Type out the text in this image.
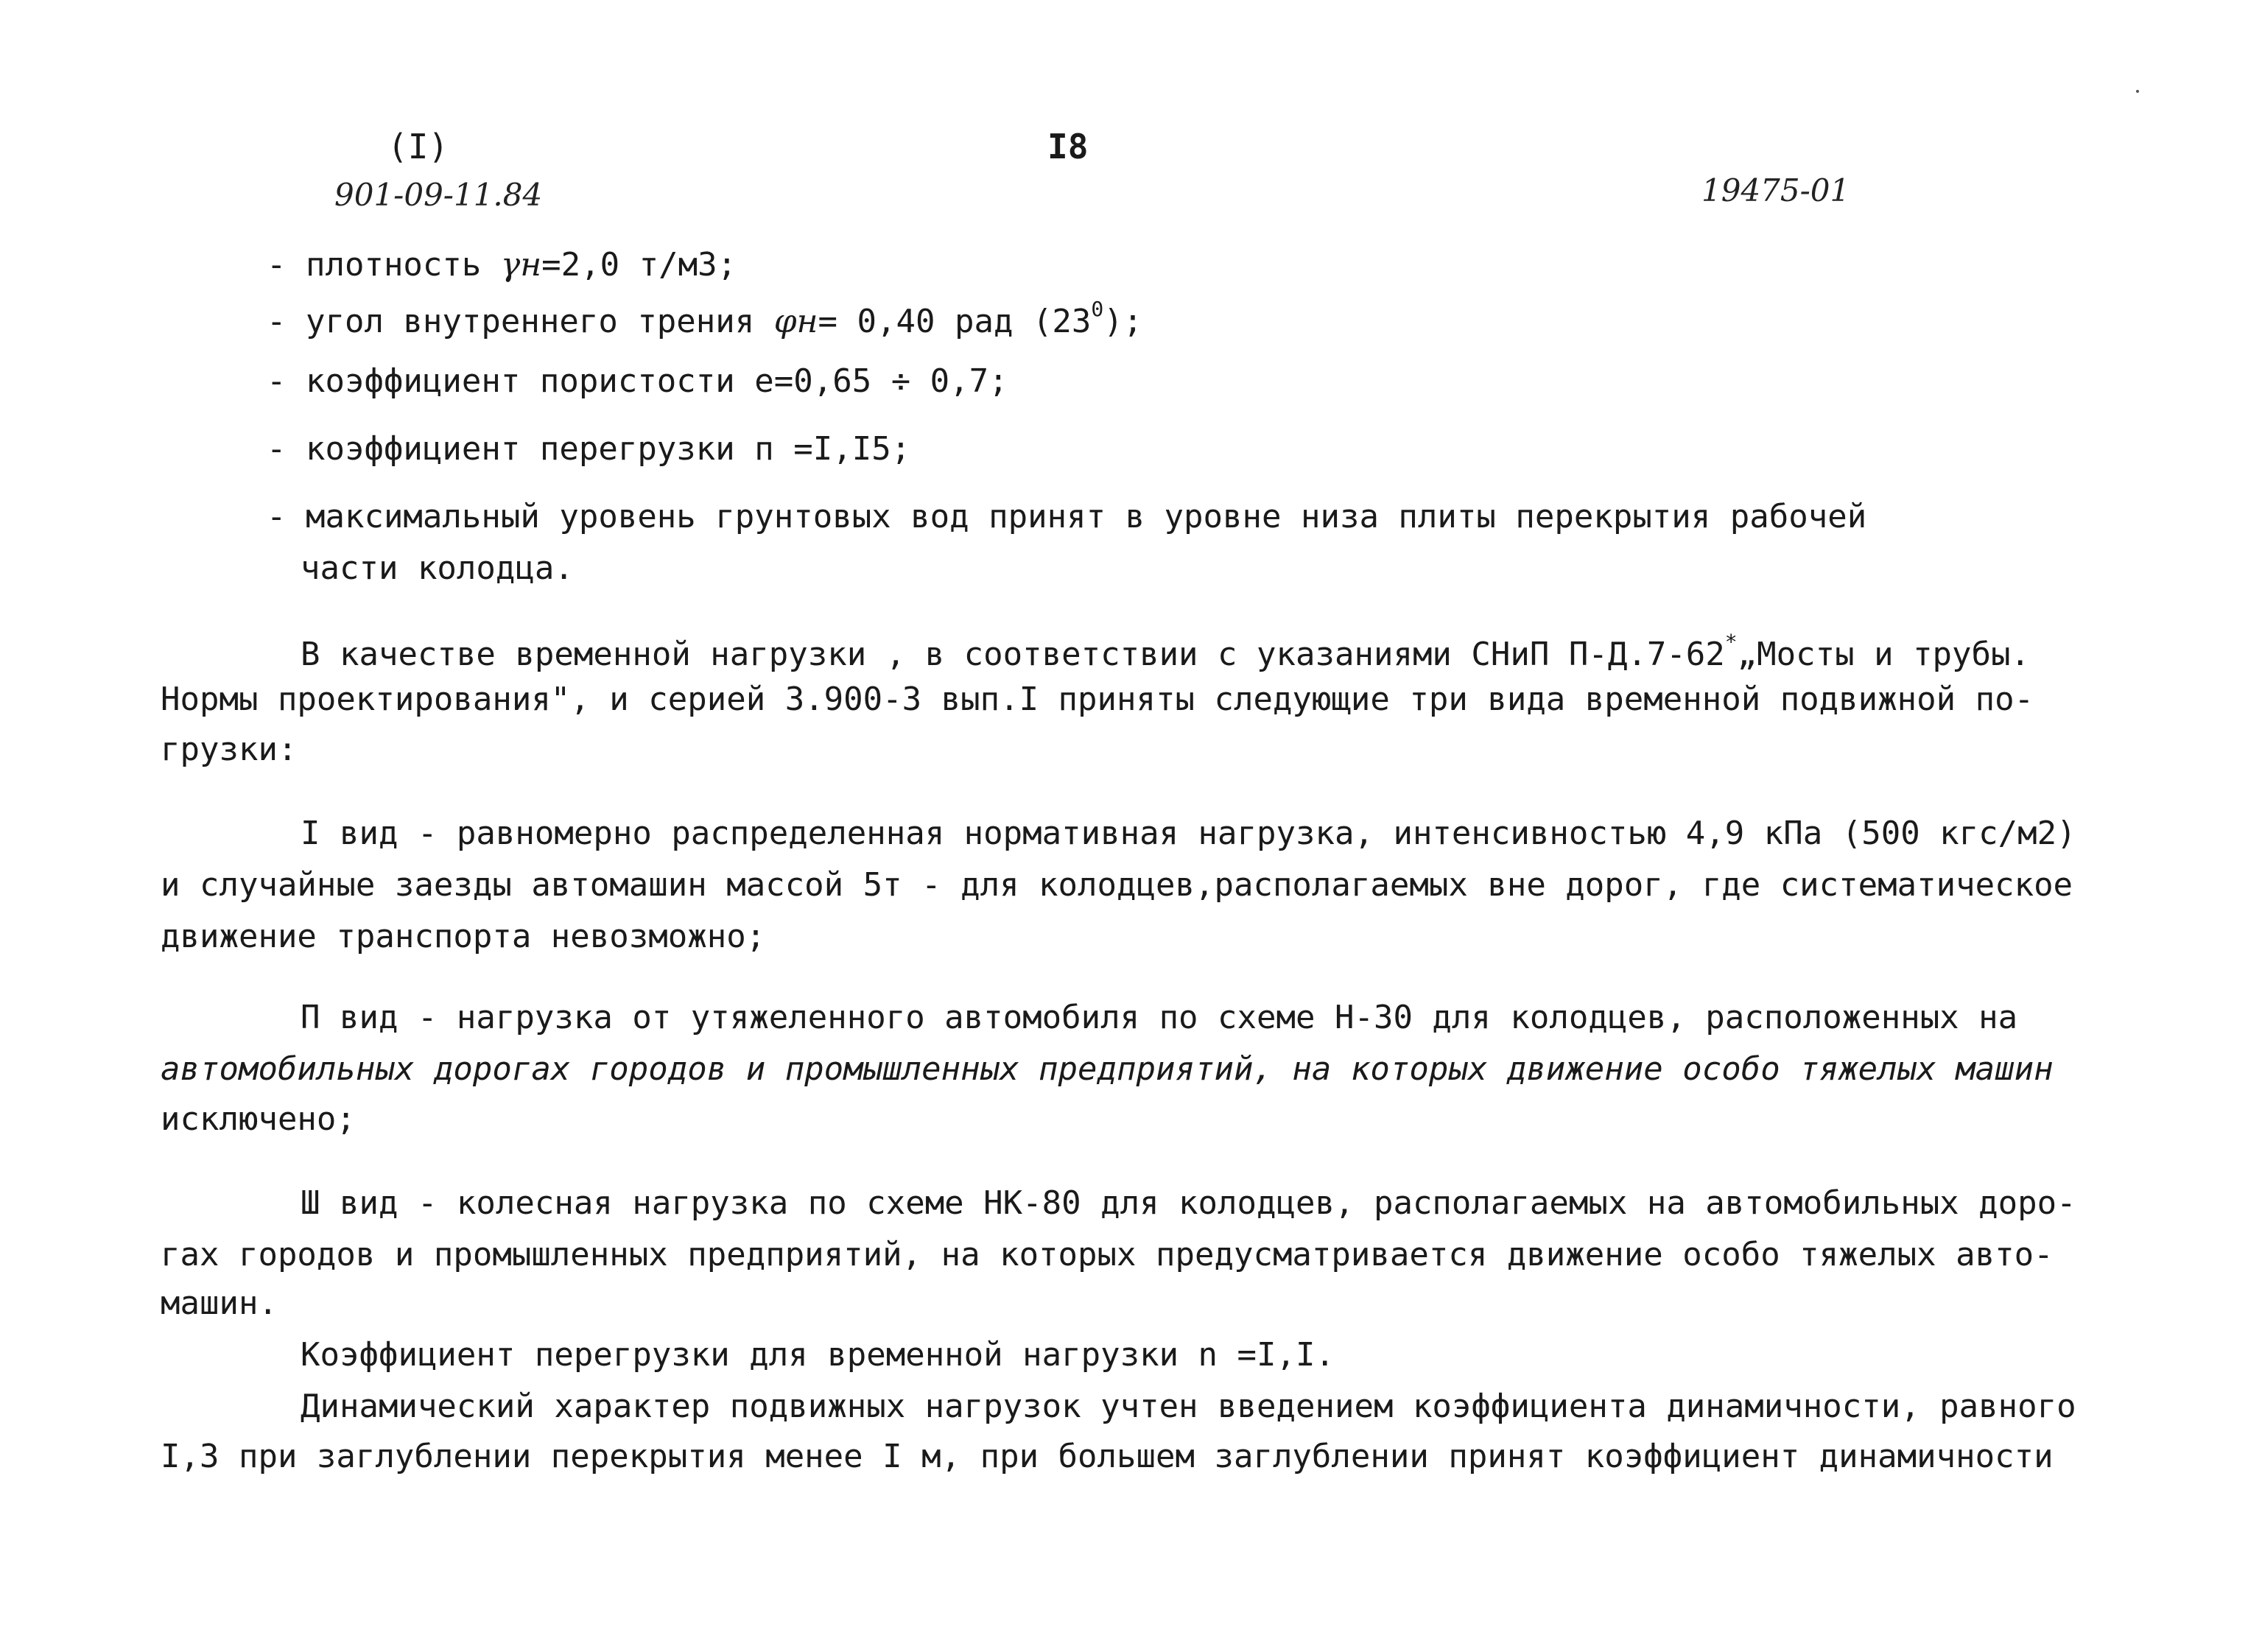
(I)	I8
901-09-11.84	19475-01
- плотность γн=2,0 т/м3;
- угол внутреннего трения φн= 0,40 рад $(23^0)$;
- коэффициент пористости e=0,65 ÷ 0,7;
- коэффициент перегрузки п =I,I5;
- максимальный уровень грунтовых вод принят в уровне низа плиты перекрытия рабочей
части колодца.
В качестве временной нагрузки , в соответствии с указаниями СНиП П-Д.7-62*„Мосты и трубы.
Нормы проектирования", и серией 3.900-3 вып.I приняты следующие три вида временной подвижной по-
грузки:
I вид - равномерно распределенная нормативная нагрузка, интенсивностью 4,9 кПа (500 кгс/м2)
и случайные заезды автомашин массой 5т - для колодцев,располагаемых вне дорог, где систематическое
движение транспорта невозможно;
П вид - нагрузка от утяжеленного автомобиля по схеме Н-30 для колодцев, расположенных на
автомобильных дорогах городов и промышленных предприятий, на которых движение особо тяжелых машин
исключено;
Ш вид - колесная нагрузка по схеме НК-80 для колодцев, располагаемых на автомобильных доро-
гах городов и промышленных предприятий, на которых предусматривается движение особо тяжелых авто-
машин.
Коэффициент перегрузки для временной нагрузки n =I,I.
Динамический характер подвижных нагрузок учтен введением коэффициента динамичности, равного
I,3 при заглублении перекрытия менее I м, при большем заглублении принят коэффициент динамичности
